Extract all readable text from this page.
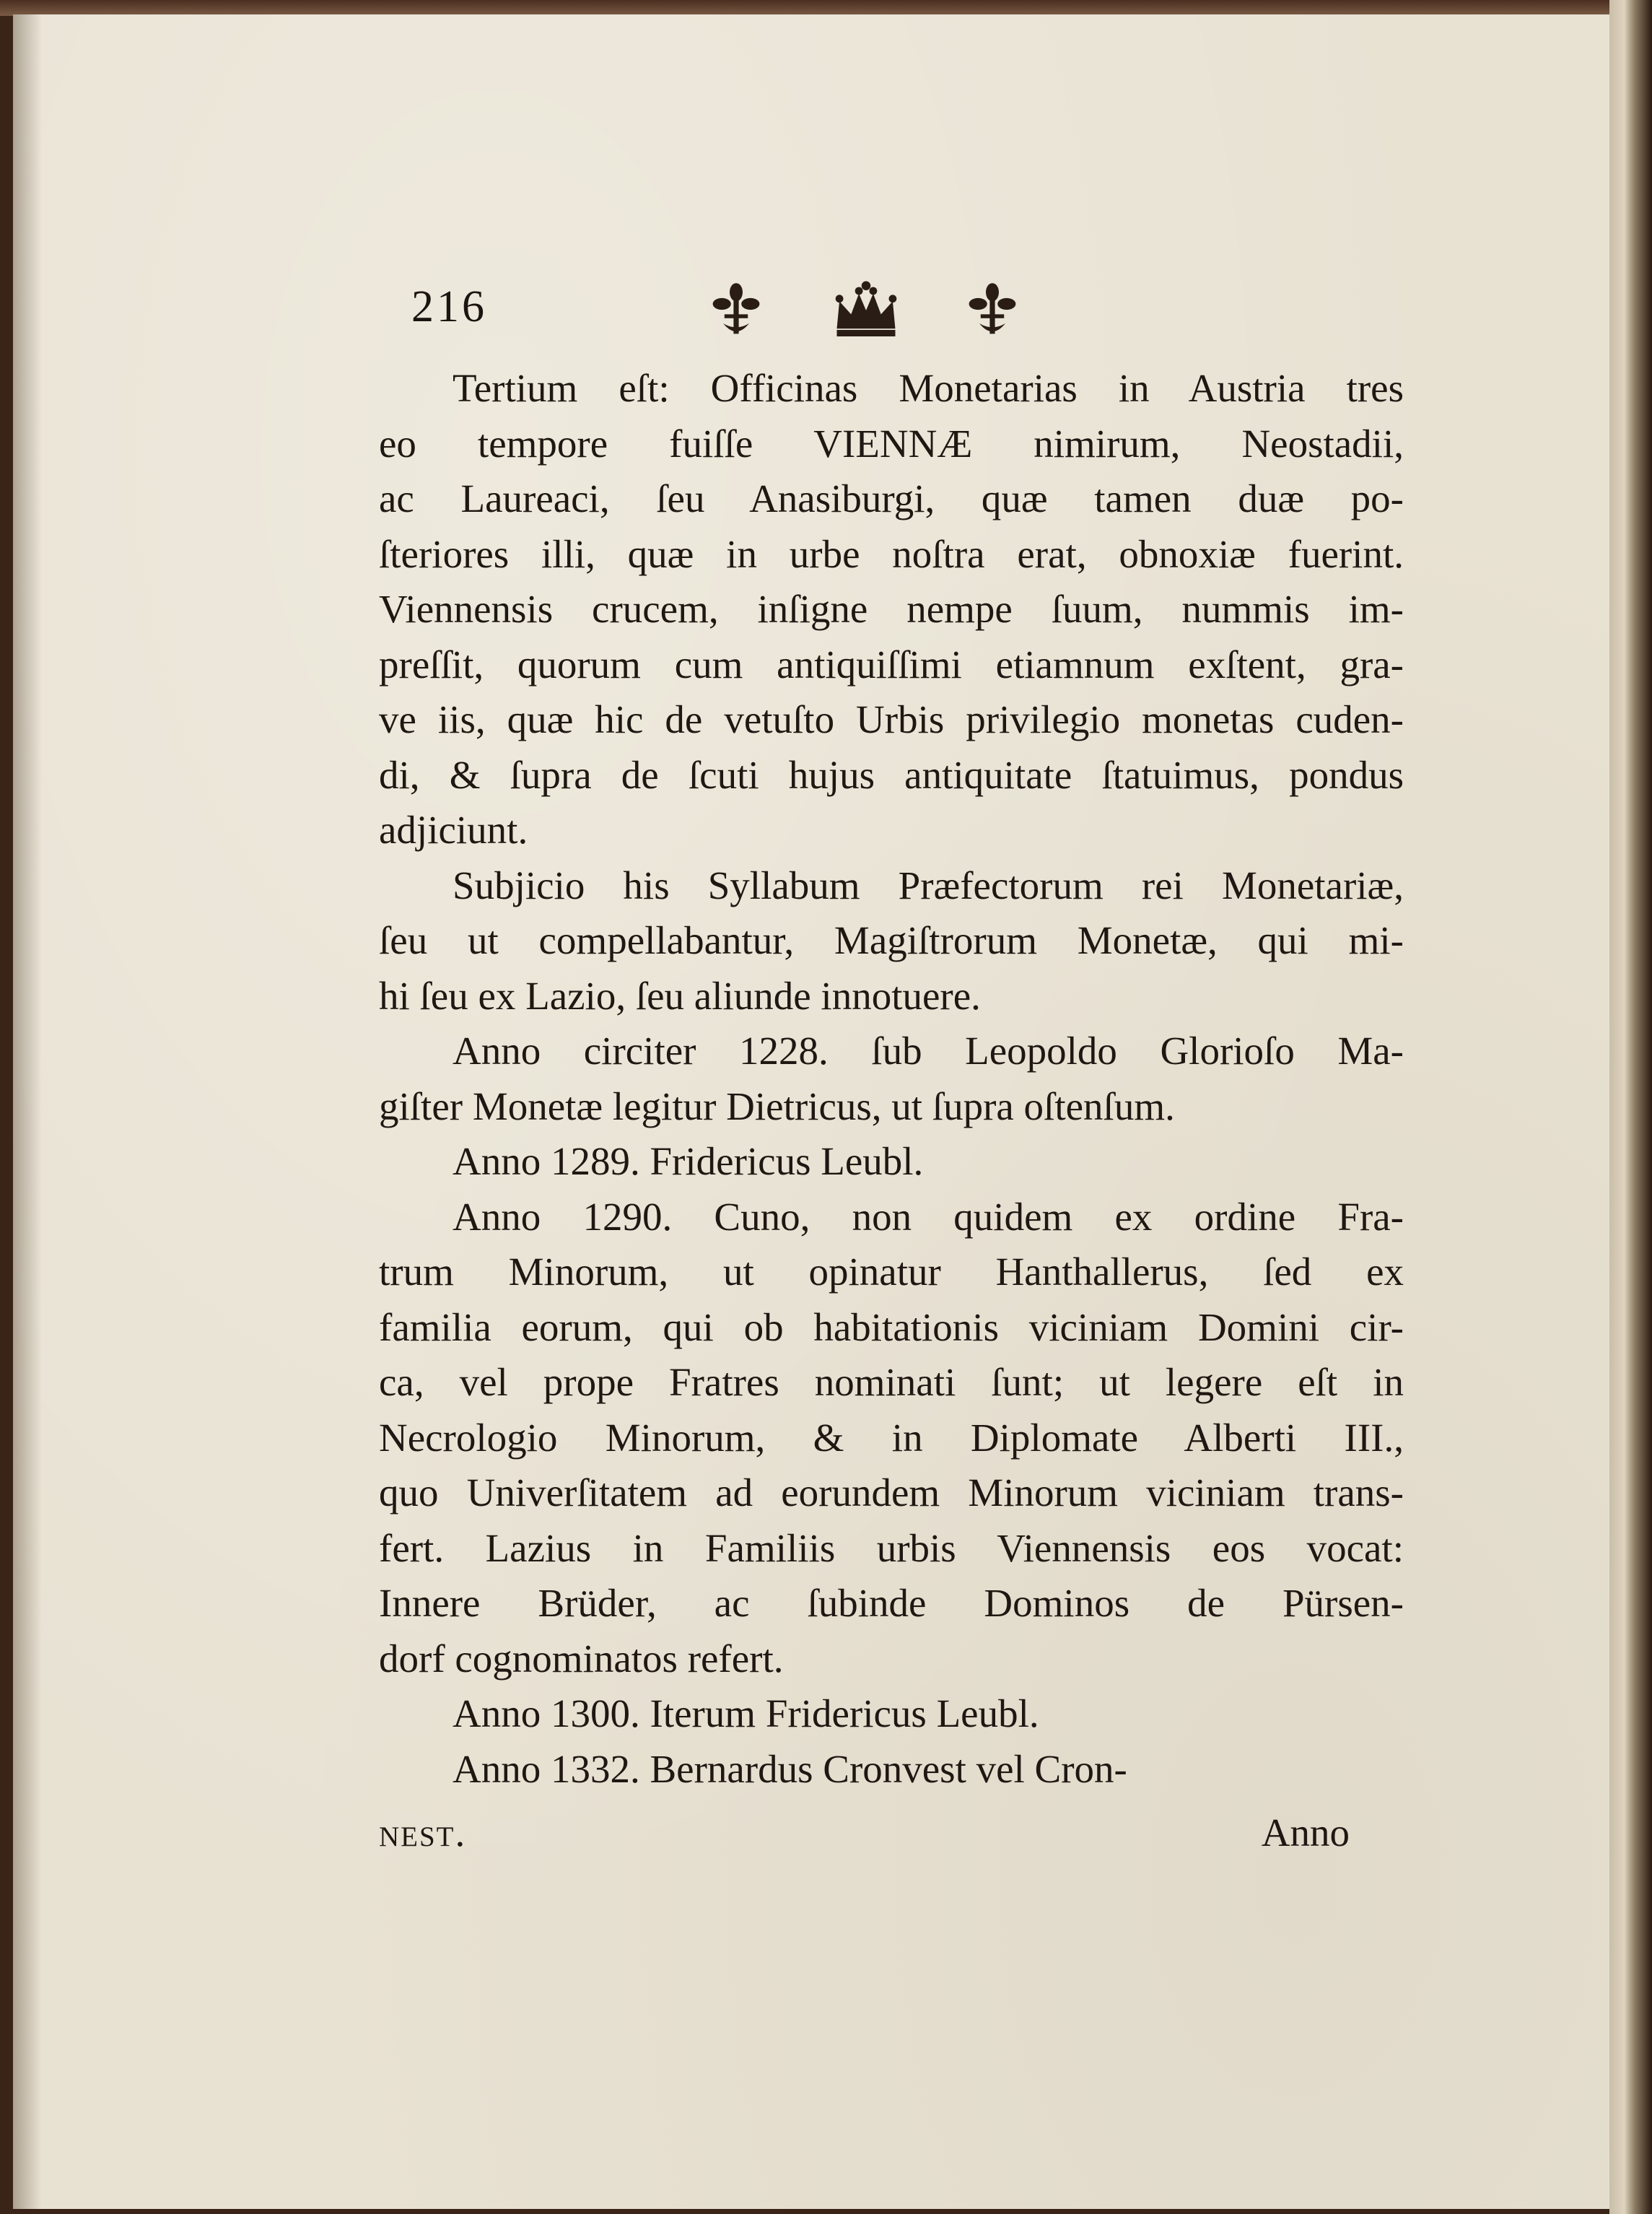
216
Tertium eſt: Officinas Monetarias in Austria tres
eo tempore fuiſſe VIENNÆ nimirum, Neostadii,
ac Laureaci, ſeu Anasiburgi, quæ tamen duæ po-
ſteriores illi, quæ in urbe noſtra erat, obnoxiæ fuerint.
Viennensis crucem, inſigne nempe ſuum, nummis im-
preſſit, quorum cum antiquiſſimi etiamnum exſtent, gra-
ve iis, quæ hic de vetuſto Urbis privilegio monetas cuden-
di, & ſupra de ſcuti hujus antiquitate ſtatuimus, pondus
adjiciunt.
Subjicio his Syllabum Præfectorum rei Monetariæ,
ſeu ut compellabantur, Magiſtrorum Monetæ, qui mi-
hi ſeu ex Lazio, ſeu aliunde innotuere.
Anno circiter 1228. ſub Leopoldo Glorioſo Ma-
giſter Monetæ legitur Dietricus, ut ſupra oſtenſum.
Anno 1289. Fridericus Leubl.
Anno 1290. Cuno, non quidem ex ordine Fra-
trum Minorum, ut opinatur Hanthallerus, ſed ex
familia eorum, qui ob habitationis viciniam Domini cir-
ca, vel prope Fratres nominati ſunt; ut legere eſt in
Necrologio Minorum, & in Diplomate Alberti III.,
quo Univerſitatem ad eorundem Minorum viciniam trans-
fert. Lazius in Familiis urbis Viennensis eos vocat:
Innere Brüder, ac ſubinde Dominos de Pürsen-
dorf cognominatos refert.
Anno 1300. Iterum Fridericus Leubl.
Anno 1332. Bernardus Cronvest vel Cron-
nest.	Anno
